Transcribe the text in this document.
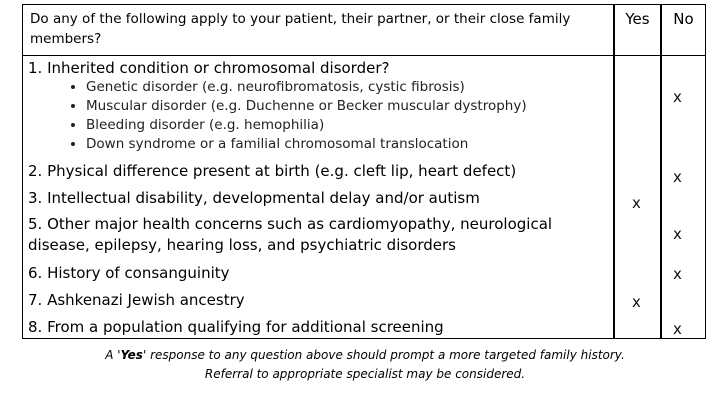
Do any of the following apply to your patient, their partner, or their close family members?
Yes	No
1. Inherited condition or chromosomal disorder?
• Genetic disorder (e.g. neurofibromatosis, cystic fibrosis)
• Muscular disorder (e.g. Duchenne or Becker muscular dystrophy)
• Bleeding disorder (e.g. hemophilia)
• Down syndrome or a familial chromosomal translocation
2. Physical difference present at birth (e.g. cleft lip, heart defect)
3. Intellectual disability, developmental delay and/or autism
5. Other major health concerns such as cardiomyopathy, neurological disease, epilepsy, hearing loss, and psychiatric disorders
6. History of consanguinity
7. Ashkenazi Jewish ancestry
8. From a population qualifying for additional screening
x
x
x
x
x
x
x
A 'Yes' response to any question above should prompt a more targeted family history.
Referral to appropriate specialist may be considered.
